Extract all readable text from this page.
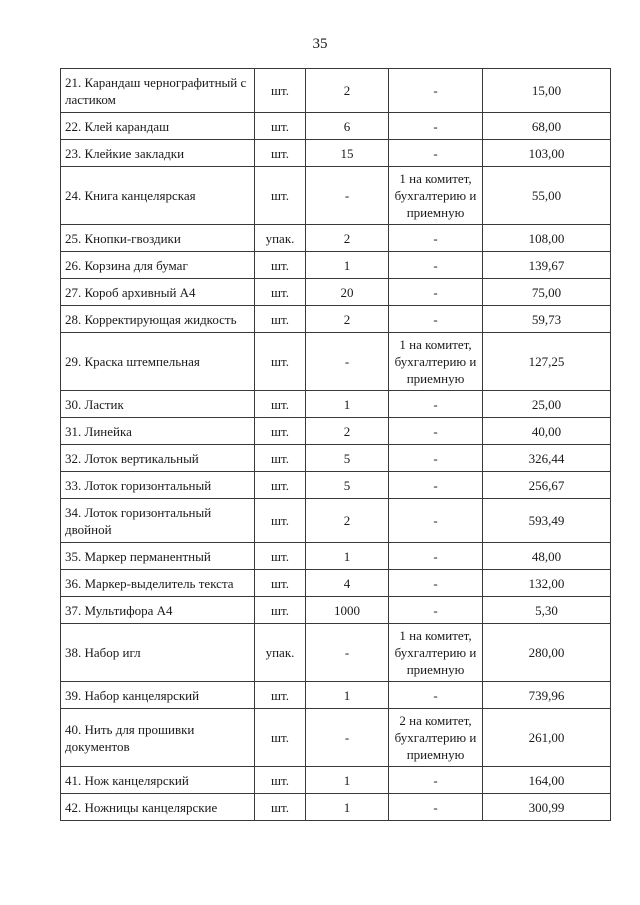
35
21. Карандаш чернографитный с ластиком	шт.	2	-	15,00
22. Клей карандаш	шт.	6	-	68,00
23. Клейкие закладки	шт.	15	-	103,00
24. Книга канцелярская	шт.	-	1 на комитет, бухгалтерию и приемную	55,00
25. Кнопки-гвоздики	упак.	2	-	108,00
26. Корзина для бумаг	шт.	1	-	139,67
27. Короб архивный А4	шт.	20	-	75,00
28. Корректирующая жидкость	шт.	2	-	59,73
29. Краска штемпельная	шт.	-	1 на комитет, бухгалтерию и приемную	127,25
30. Ластик	шт.	1	-	25,00
31. Линейка	шт.	2	-	40,00
32. Лоток вертикальный	шт.	5	-	326,44
33. Лоток горизонтальный	шт.	5	-	256,67
34. Лоток горизонтальный двойной	шт.	2	-	593,49
35. Маркер перманентный	шт.	1	-	48,00
36. Маркер-выделитель текста	шт.	4	-	132,00
37. Мультифора А4	шт.	1000	-	5,30
38. Набор игл	упак.	-	1 на комитет, бухгалтерию и приемную	280,00
39. Набор канцелярский	шт.	1	-	739,96
40. Нить для прошивки документов	шт.	-	2 на комитет, бухгалтерию и приемную	261,00
41. Нож канцелярский	шт.	1	-	164,00
42. Ножницы канцелярские	шт.	1	-	300,99
